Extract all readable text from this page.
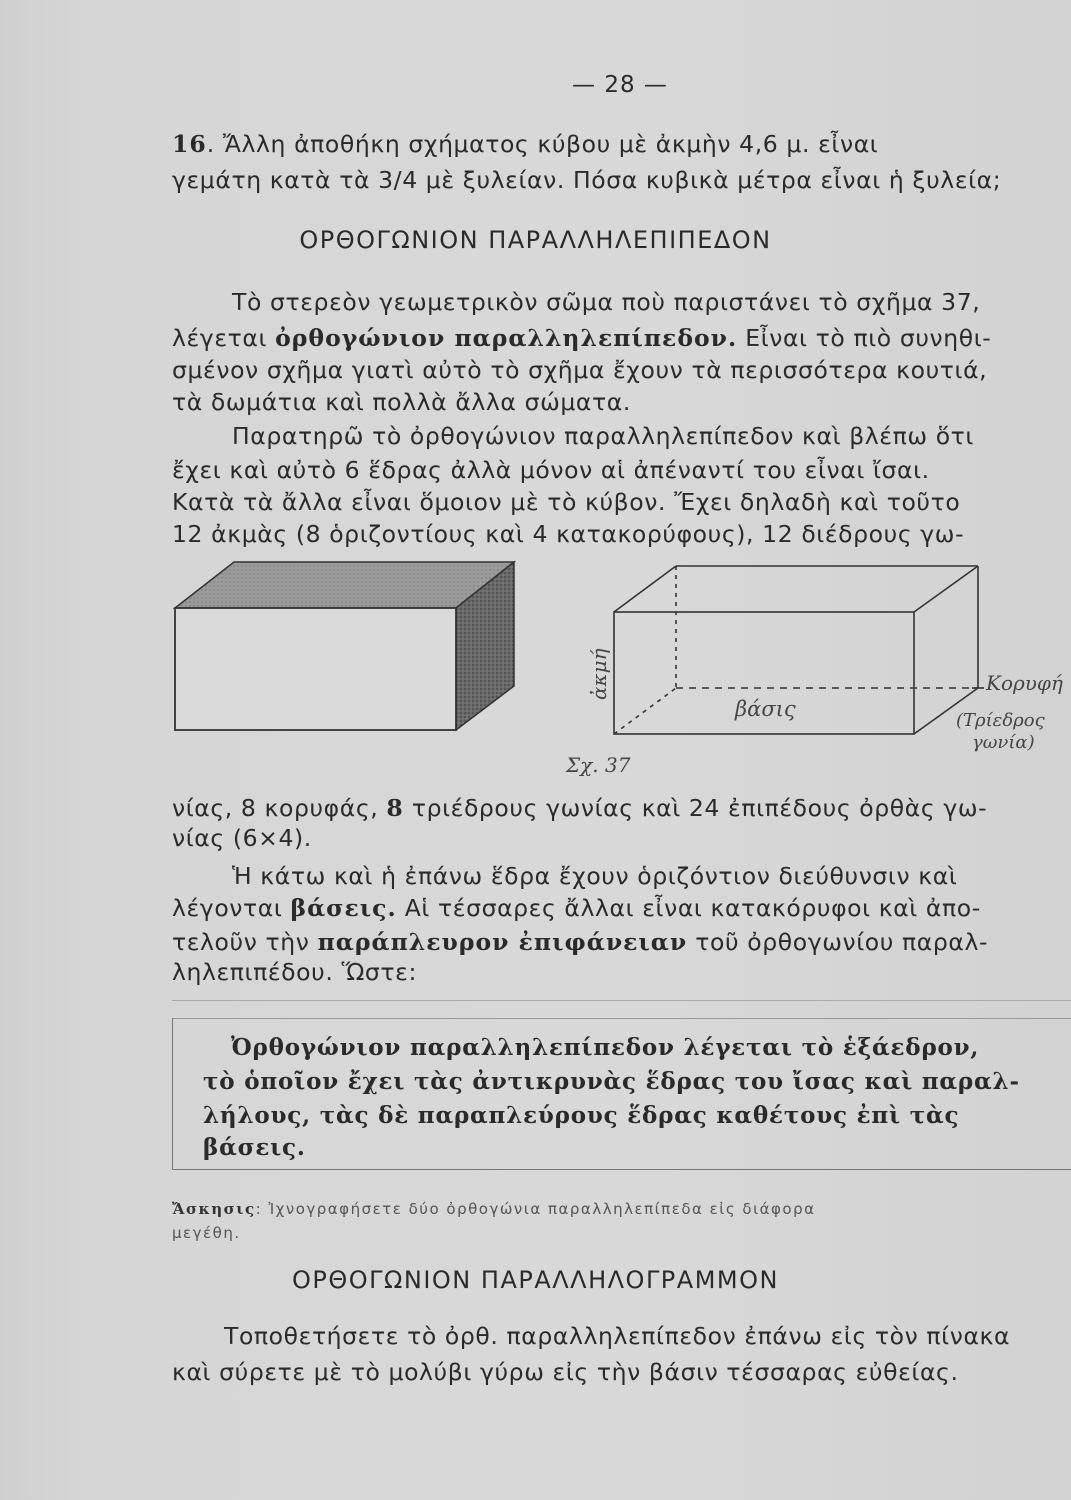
— 28 —
16. Ἄλλη ἀποθήκη σχήματος κύβου μὲ ἀκμὴν 4,6 μ. εἶναι
γεμάτη κατὰ τὰ 3/4 μὲ ξυλείαν. Πόσα κυβικὰ μέτρα εἶναι ἡ ξυλεία;
ΟΡΘΟΓΩΝΙΟΝ ΠΑΡΑΛΛΗΛΕΠΙΠΕΔΟΝ
Τὸ στερεὸν γεωμετρικὸν σῶμα ποὺ παριστάνει τὸ σχῆμα 37,
λέγεται ὀρθογώνιον παραλληλεπίπεδον. Εἶναι τὸ πιὸ συνηθι-
σμένον σχῆμα γιατὶ αὐτὸ τὸ σχῆμα ἔχουν τὰ περισσότερα κουτιά,
τὰ δωμάτια καὶ πολλὰ ἄλλα σώματα.
Παρατηρῶ τὸ ὀρθογώνιον παραλληλεπίπεδον καὶ βλέπω ὅτι
ἔχει καὶ αὐτὸ 6 ἕδρας ἀλλὰ μόνον αἱ ἀπέναντί του εἶναι ἴσαι.
Κατὰ τὰ ἄλλα εἶναι ὅμοιον μὲ τὸ κύβον. Ἔχει δηλαδὴ καὶ τοῦτο
12 ἀκμὰς (8 ὁριζοντίους καὶ 4 κατακορύφους), 12 διέδρους γω-
ἀκμή
βάσις
Κορυφή
(Τρίεδρος
γωνία)
Σχ. 37
νίας, 8 κορυφάς, 8 τριέδρους γωνίας καὶ 24 ἐπιπέδους ὀρθὰς γω-
νίας (6×4).
Ἡ κάτω καὶ ἡ ἐπάνω ἕδρα ἔχουν ὁριζόντιον διεύθυνσιν καὶ
λέγονται βάσεις. Αἱ τέσσαρες ἄλλαι εἶναι κατακόρυφοι καὶ ἀπο-
τελοῦν τὴν παράπλευρον ἐπιφάνειαν τοῦ ὀρθογωνίου παραλ-
ληλεπιπέδου. Ὥστε:
Ὀρθογώνιον παραλληλεπίπεδον λέγεται τὸ ἑξάεδρον,
τὸ ὁποῖον ἔχει τὰς ἀντικρυνὰς ἕδρας του ἴσας καὶ παραλ-
λήλους, τὰς δὲ παραπλεύρους ἕδρας καθέτους ἐπὶ τὰς
βάσεις.
Ἄσκησις: Ἰχνογραφήσετε δύο ὀρθογώνια παραλληλεπίπεδα εἰς διάφορα
μεγέθη.
ΟΡΘΟΓΩΝΙΟΝ ΠΑΡΑΛΛΗΛΟΓΡΑΜΜΟΝ
Τοποθετήσετε τὸ ὀρθ. παραλληλεπίπεδον ἐπάνω εἰς τὸν πίνακα
καὶ σύρετε μὲ τὸ μολύβι γύρω εἰς τὴν βάσιν τέσσαρας εὐθείας.
